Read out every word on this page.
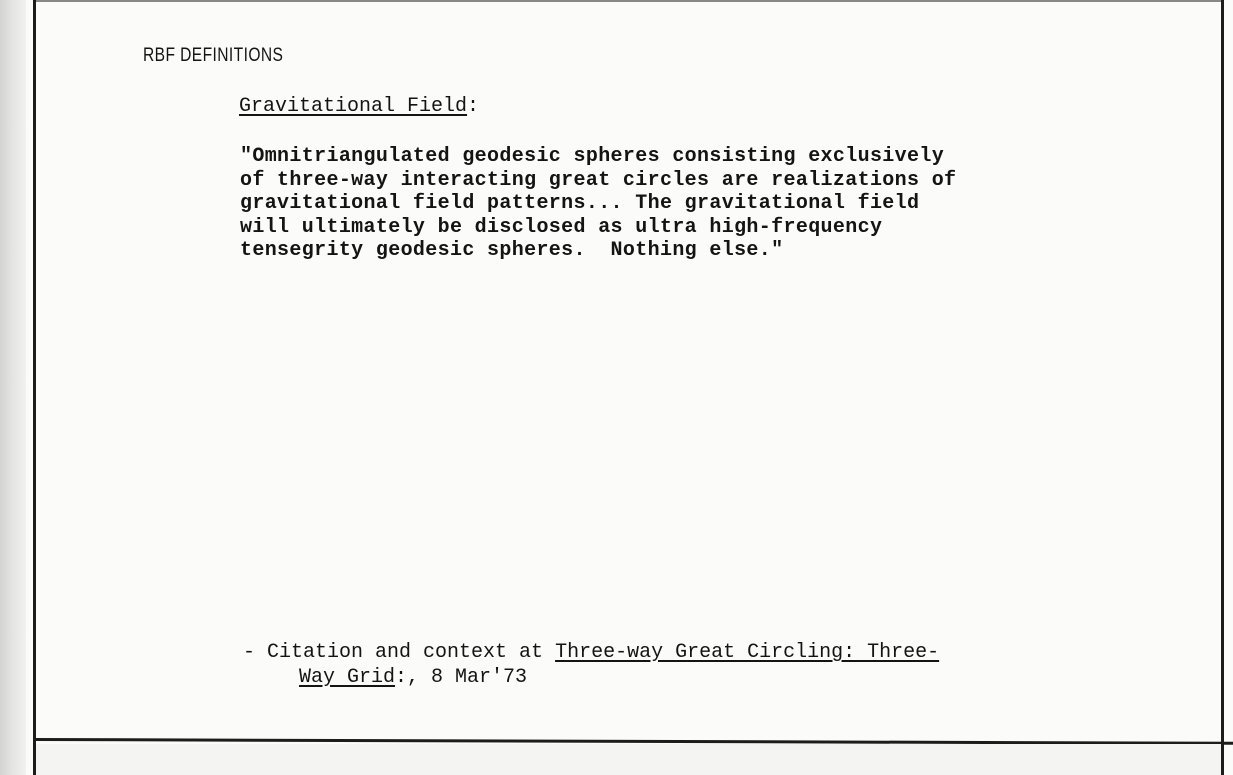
RBF DEFINITIONS
Gravitational Field:
"Omnitriangulated geodesic spheres consisting exclusively
of three-way interacting great circles are realizations of
gravitational field patterns... The gravitational field
will ultimately be disclosed as ultra high-frequency
tensegrity geodesic spheres.  Nothing else."
- Citation and context at Three-way Great Circling: Three-
Way Grid:, 8 Mar'73
